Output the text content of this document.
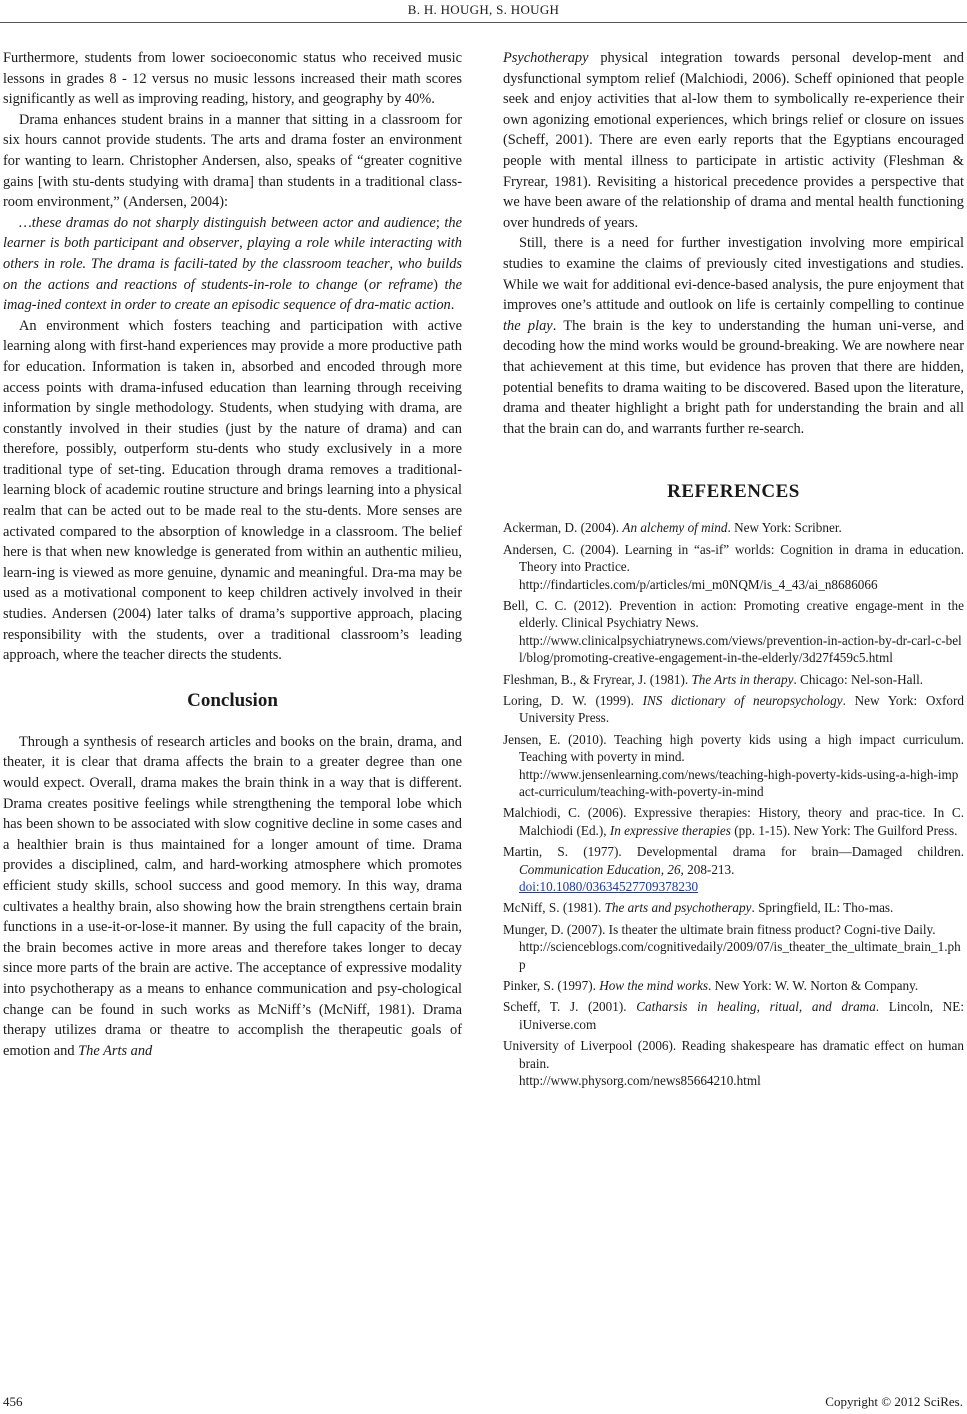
B. H. HOUGH, S. HOUGH

Furthermore, students from lower socioeconomic status who received music lessons in grades 8 - 12 versus no music lessons increased their math scores significantly as well as improving reading, history, and geography by 40%.

Drama enhances student brains in a manner that sitting in a classroom for six hours cannot provide students. The arts and drama foster an environment for wanting to learn. Christopher Andersen, also, speaks of “greater cognitive gains [with stu-dents studying with drama] than students in a traditional class-room environment,” (Andersen, 2004):

…these dramas do not sharply distinguish between actor and audience; the learner is both participant and observer, playing a role while interacting with others in role. The drama is facili-tated by the classroom teacher, who builds on the actions and reactions of students-in-role to change (or reframe) the imag-ined context in order to create an episodic sequence of dra-matic action.

An environment which fosters teaching and participation with active learning along with first-hand experiences may provide a more productive path for education. Information is taken in, absorbed and encoded through more access points with drama-infused education than learning through receiving information by single methodology. Students, when studying with drama, are constantly involved in their studies (just by the nature of drama) and can therefore, possibly, outperform stu-dents who study exclusively in a more traditional type of set-ting. Education through drama removes a traditional-learning block of academic routine structure and brings learning into a physical realm that can be acted out to be made real to the stu-dents. More senses are activated compared to the absorption of knowledge in a classroom. The belief here is that when new knowledge is generated from within an authentic milieu, learn-ing is viewed as more genuine, dynamic and meaningful. Dra-ma may be used as a motivational component to keep children actively involved in their studies. Andersen (2004) later talks of drama’s supportive approach, placing responsibility with the students, over a traditional classroom’s leading approach, where the teacher directs the students.

Conclusion

Through a synthesis of research articles and books on the brain, drama, and theater, it is clear that drama affects the brain to a greater degree than one would expect. Overall, drama makes the brain think in a way that is different. Drama creates positive feelings while strengthening the temporal lobe which has been shown to be associated with slow cognitive decline in some cases and a healthier brain is thus maintained for a longer amount of time. Drama provides a disciplined, calm, and hard-working atmosphere which promotes efficient study skills, school success and good memory. In this way, drama cultivates a healthy brain, also showing how the brain strengthens certain brain functions in a use-it-or-lose-it manner. By using the full capacity of the brain, the brain becomes active in more areas and therefore takes longer to decay since more parts of the brain are active. The acceptance of expressive modality into psychotherapy as a means to enhance communication and psy-chological change can be found in such works as McNiff’s (McNiff, 1981). Drama therapy utilizes drama or theatre to accomplish the therapeutic goals of emotion and The Arts and

Psychotherapy physical integration towards personal develop-ment and dysfunctional symptom relief (Malchiodi, 2006). Scheff opinioned that people seek and enjoy activities that al-low them to symbolically re-experience their own agonizing emotional experiences, which brings relief or closure on issues (Scheff, 2001). There are even early reports that the Egyptians encouraged people with mental illness to participate in artistic activity (Fleshman & Fryrear, 1981). Revisiting a historical precedence provides a perspective that we have been aware of the relationship of drama and mental health functioning over hundreds of years.

Still, there is a need for further investigation involving more empirical studies to examine the claims of previously cited investigations and studies. While we wait for additional evi-dence-based analysis, the pure enjoyment that improves one’s attitude and outlook on life is certainly compelling to continue the play. The brain is the key to understanding the human uni-verse, and decoding how the mind works would be ground-breaking. We are nowhere near that achievement at this time, but evidence has proven that there are hidden, potential benefits to drama waiting to be discovered. Based upon the literature, drama and theater highlight a bright path for understanding the brain and all that the brain can do, and warrants further re-search.

REFERENCES

Ackerman, D. (2004). An alchemy of mind. New York: Scribner.

Andersen, C. (2004). Learning in “as-if” worlds: Cognition in drama in education. Theory into Practice.
http://findarticles.com/p/articles/mi_m0NQM/is_4_43/ai_n8686066

Bell, C. C. (2012). Prevention in action: Promoting creative engage-ment in the elderly. Clinical Psychiatry News.
http://www.clinicalpsychiatrynews.com/views/prevention-in-action-by-dr-carl-c-bell/blog/promoting-creative-engagement-in-the-elderly/3d27f459c5.html

Fleshman, B., & Fryrear, J. (1981). The Arts in therapy. Chicago: Nel-son-Hall.

Loring, D. W. (1999). INS dictionary of neuropsychology. New York: Oxford University Press.

Jensen, E. (2010). Teaching high poverty kids using a high impact curriculum. Teaching with poverty in mind.
http://www.jensenlearning.com/news/teaching-high-poverty-kids-using-a-high-impact-curriculum/teaching-with-poverty-in-mind

Malchiodi, C. (2006). Expressive therapies: History, theory and prac-tice. In C. Malchiodi (Ed.), In expressive therapies (pp. 1-15). New York: The Guilford Press.

Martin, S. (1977). Developmental drama for brain—Damaged children. Communication Education, 26, 208-213.
doi:10.1080/03634527709378230

McNiff, S. (1981). The arts and psychotherapy. Springfield, IL: Tho-mas.

Munger, D. (2007). Is theater the ultimate brain fitness product? Cogni-tive Daily.
http://scienceblogs.com/cognitivedaily/2009/07/is_theater_the_ultimate_brain_1.php

Pinker, S. (1997). How the mind works. New York: W. W. Norton & Company.

Scheff, T. J. (2001). Catharsis in healing, ritual, and drama. Lincoln, NE: iUniverse.com

University of Liverpool (2006). Reading shakespeare has dramatic effect on human brain.
http://www.physorg.com/news85664210.html

456	Copyright © 2012 SciRes.
